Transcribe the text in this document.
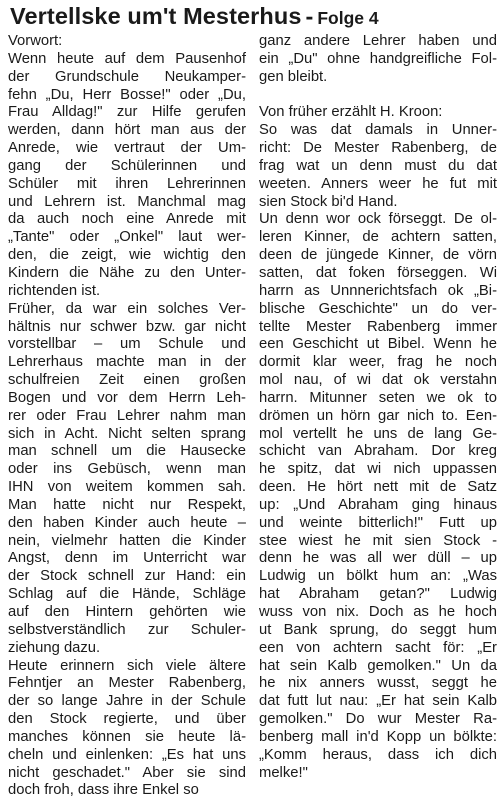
Vertellske um't Mesterhus - Folge 4
Vorwort:
Wenn heute auf dem Pausenhof
der Grundschule Neukamper-
fehn „Du, Herr Bosse!" oder „Du,
Frau Alldag!" zur Hilfe gerufen
werden, dann hört man aus der
Anrede, wie vertraut der Um-
gang der Schülerinnen und
Schüler mit ihren Lehrerinnen
und Lehrern ist. Manchmal mag
da auch noch eine Anrede mit
„Tante" oder „Onkel" laut wer-
den, die zeigt, wie wichtig den
Kindern die Nähe zu den Unter-
richtenden ist.
Früher, da war ein solches Ver-
hältnis nur schwer bzw. gar nicht
vorstellbar – um Schule und
Lehrerhaus machte man in der
schulfreien Zeit einen großen
Bogen und vor dem Herrn Leh-
rer oder Frau Lehrer nahm man
sich in Acht. Nicht selten sprang
man schnell um die Hausecke
oder ins Gebüsch, wenn man
IHN von weitem kommen sah.
Man hatte nicht nur Respekt,
den haben Kinder auch heute –
nein, vielmehr hatten die Kinder
Angst, denn im Unterricht war
der Stock schnell zur Hand: ein
Schlag auf die Hände, Schläge
auf den Hintern gehörten wie
selbstverständlich zur Schuler-
ziehung dazu.
Heute erinnern sich viele ältere
Fehntjer an Mester Rabenberg,
der so lange Jahre in der Schule
den Stock regierte, und über
manches können sie heute lä-
cheln und einlenken: „Es hat uns
nicht geschadet." Aber sie sind
doch froh, dass ihre Enkel so
ganz andere Lehrer haben und
ein „Du" ohne handgreifliche Fol-
gen bleibt.
Von früher erzählt H. Kroon:
So was dat damals in Unner-
richt: De Mester Rabenberg, de
frag wat un denn must du dat
weeten. Anners weer he fut mit
sien Stock bi'd Hand.
Un denn wor ock förseggt. De ol-
leren Kinner, de achtern satten,
deen de jüngede Kinner, de vörn
satten, dat foken förseggen. Wi
harrn as Unnnerichtsfach ok „Bi-
blische Geschichte" un do ver-
tellte Mester Rabenberg immer
een Geschicht ut Bibel. Wenn he
dormit klar weer, frag he noch
mol nau, of wi dat ok verstahn
harrn. Mitunner seten we ok to
drömen un hörn gar nich to. Een-
mol vertellt he uns de lang Ge-
schicht van Abraham. Dor kreg
he spitz, dat wi nich uppassen
deen. He hört nett mit de Satz
up: „Und Abraham ging hinaus
und weinte bitterlich!" Futt up
stee wiest he mit sien Stock -
denn he was all wer düll – up
Ludwig un bölkt hum an: „Was
hat Abraham getan?" Ludwig
wuss von nix. Doch as he hoch
ut Bank sprung, do seggt hum
een von achtern sacht för: „Er
hat sein Kalb gemolken." Un da
he nix anners wusst, seggt he
dat futt lut nau: „Er hat sein Kalb
gemolken." Do wur Mester Ra-
benberg mall in'd Kopp un bölkte:
„Komm heraus, dass ich dich
melke!"
